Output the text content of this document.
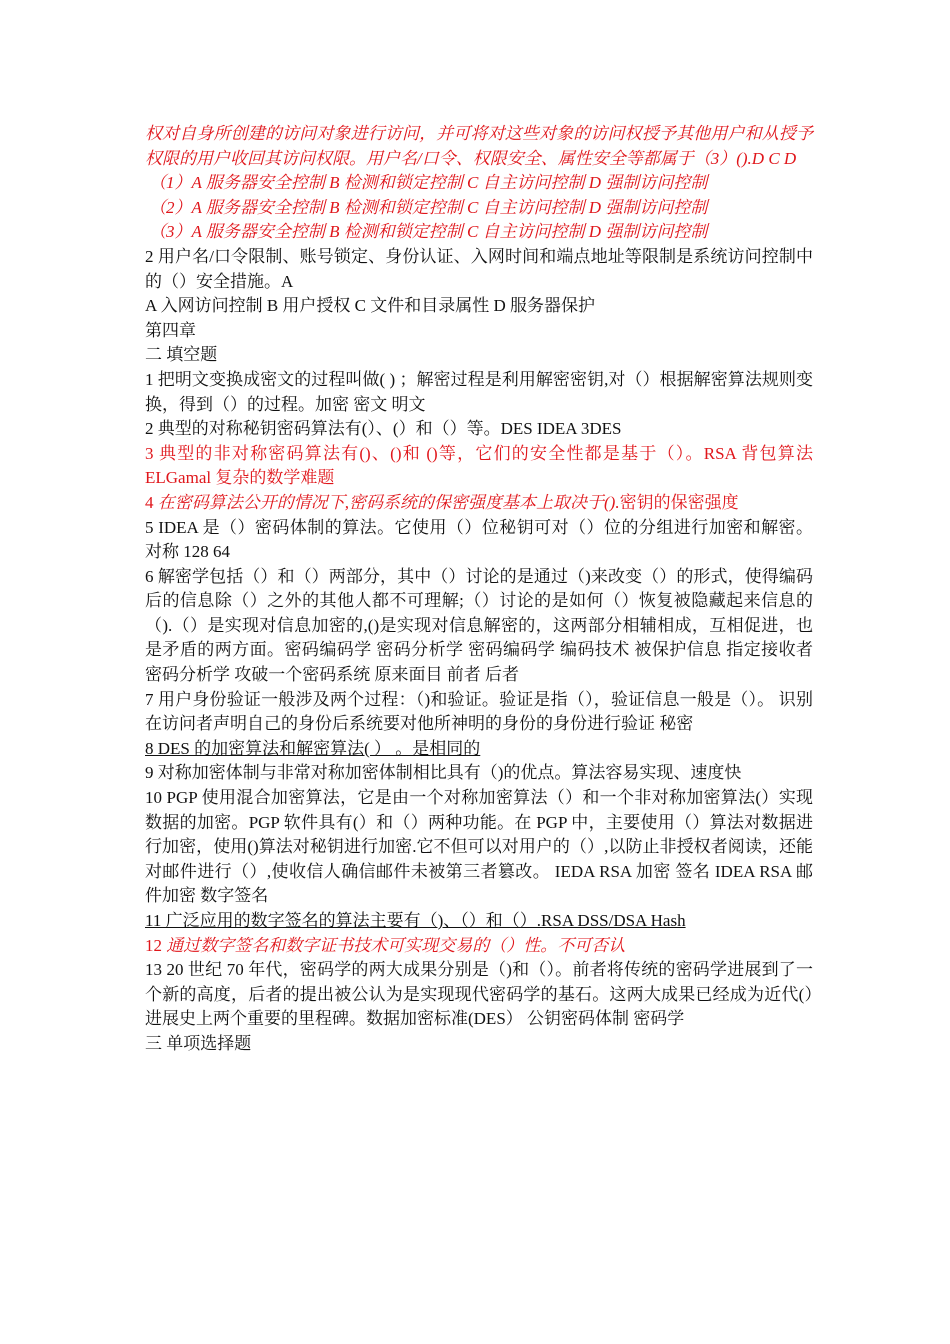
权对自身所创建的访问对象进行访问，并可将对这些对象的访问权授予其他用户和从授予权限的用户收回其访问权限。用户名/口令、权限安全、属性安全等都属于（3）().D C D

（1）A 服务器安全控制 B 检测和锁定控制 C 自主访问控制 D 强制访问控制

（2）A 服务器安全控制 B 检测和锁定控制 C 自主访问控制 D 强制访问控制

（3）A 服务器安全控制 B 检测和锁定控制 C 自主访问控制 D 强制访问控制

2 用户名/口令限制、账号锁定、身份认证、入网时间和端点地址等限制是系统访问控制中的（）安全措施。A

A 入网访问控制 B 用户授权 C 文件和目录属性 D 服务器保护

第四章

二 填空题

1 把明文变换成密文的过程叫做( ) ；解密过程是利用解密密钥,对（）根据解密算法规则变换，得到（）的过程。加密 密文 明文

2 典型的对称秘钥密码算法有(）、(）和（）等。DES IDEA 3DES

3 典型的非对称密码算法有()、()和 ()等，它们的安全性都是基于（）。RSA 背包算法 ELGamal 复杂的数学难题

4 在密码算法公开的情况下,密码系统的保密强度基本上取决于().密钥的保密强度

5 IDEA 是（）密码体制的算法。它使用（）位秘钥可对（）位的分组进行加密和解密。对称 128 64

6 解密学包括（）和（）两部分，其中（）讨论的是通过（)来改变（）的形式，使得编码后的信息除（）之外的其他人都不可理解;（）讨论的是如何（）恢复被隐藏起来信息的（).（）是实现对信息加密的,()是实现对信息解密的，这两部分相辅相成，互相促进，也是矛盾的两方面。密码编码学 密码分析学 密码编码学 编码技术 被保护信息 指定接收者 密码分析学 攻破一个密码系统 原来面目 前者 后者

7 用户身份验证一般涉及两个过程：（)和验证。验证是指（），验证信息一般是（）。 识别 在访问者声明自己的身份后系统要对他所神明的身份的身份进行验证 秘密

8 DES 的加密算法和解密算法( ） 。是相同的

9 对称加密体制与非常对称加密体制相比具有（)的优点。算法容易实现、速度快

10 PGP 使用混合加密算法，它是由一个对称加密算法（）和一个非对称加密算法(）实现数据的加密。PGP 软件具有(）和（）两种功能。在 PGP 中，主要使用（）算法对数据进行加密，使用()算法对秘钥进行加密.它不但可以对用户的（）,以防止非授权者阅读，还能对邮件进行（）,使收信人确信邮件未被第三者篡改。 IEDA RSA 加密 签名 IDEA RSA 邮件加密 数字签名

11 广泛应用的数字签名的算法主要有（)、（）和（）.RSA DSS/DSA Hash

12 通过数字签名和数字证书技术可实现交易的（）性。不可否认

13 20 世纪 70 年代，密码学的两大成果分别是（)和（）。前者将传统的密码学进展到了一个新的高度，后者的提出被公认为是实现现代密码学的基石。这两大成果已经成为近代(）进展史上两个重要的里程碑。数据加密标准(DES） 公钥密码体制 密码学

三 单项选择题
